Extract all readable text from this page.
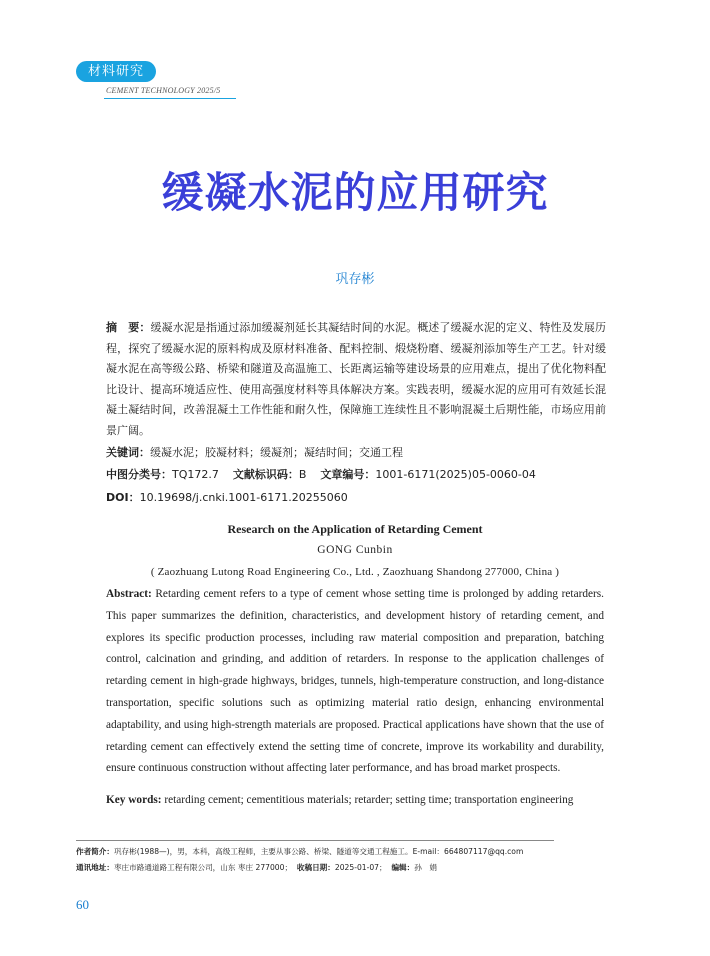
材料研究
CEMENT TECHNOLOGY 2025/5
缓凝水泥的应用研究
巩存彬

摘　要：缓凝水泥是指通过添加缓凝剂延长其凝结时间的水泥。概述了缓凝水泥的定义、特性及发展历程，探究了缓凝水泥的原料构成及原材料准备、配料控制、煅烧粉磨、缓凝剂添加等生产工艺。针对缓凝水泥在高等级公路、桥梁和隧道及高温施工、长距离运输等建设场景的应用难点，提出了优化物料配比设计、提高环境适应性、使用高强度材料等具体解决方案。实践表明，缓凝水泥的应用可有效延长混凝土凝结时间，改善混凝土工作性能和耐久性，保障施工连续性且不影响混凝土后期性能，市场应用前景广阔。

关键词：缓凝水泥；胶凝材料；缓凝剂；凝结时间；交通工程
中图分类号：TQ172.7 文献标识码：B 文章编号：1001-6171(2025)05-0060-04
DOI：10.19698/j.cnki.1001-6171.20255060
Research on the Application of Retarding Cement
GONG Cunbin
( Zaozhuang Lutong Road Engineering Co., Ltd. , Zaozhuang Shandong 277000, China )

Abstract: Retarding cement refers to a type of cement whose setting time is prolonged by adding retarders. This paper summarizes the definition, characteristics, and development history of retarding cement, and explores its specific production processes, including raw material composition and preparation, batching control, calcination and grinding, and addition of retarders. In response to the application challenges of retarding cement in high-grade highways, bridges, tunnels, high-temperature construction, and long-distance transportation, specific solutions such as optimizing material ratio design, enhancing environmental adaptability, and using high-strength materials are proposed. Practical applications have shown that the use of retarding cement can effectively extend the setting time of concrete, improve its workability and durability, ensure continuous construction without affecting later performance, and has broad market prospects.

Key words: retarding cement; cementitious materials; retarder; setting time; transportation engineering
作者简介：巩存彬(1988—)，男，本科，高级工程师，主要从事公路、桥梁、隧道等交通工程施工。E-mail：664807117@qq.com
通讯地址：枣庄市路通道路工程有限公司，山东 枣庄 277000； 收稿日期：2025-01-07； 编辑：孙　娟
60
